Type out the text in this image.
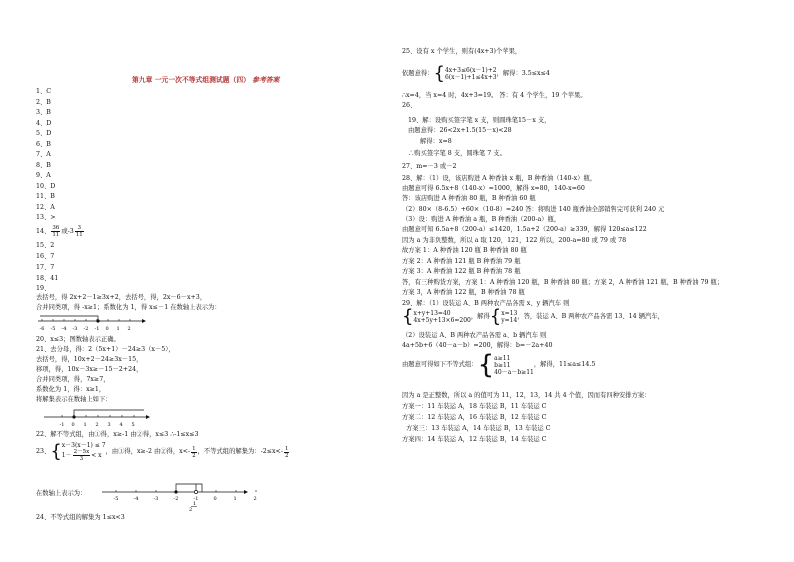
第九章 一元一次不等式组测试题（四） 参考答案
1、C
2、B
3、B
4、D
5、D
6、B
7、A
8、B
9、A
10、D
11、B
12、A
13、>
14、 $\frac{36}{11}$ 或$-3 \frac{3}{11}$
15、2
16、7
17、7
18、41
19、
去括号，得 2x+2－1≥3x+2，去括号，得，2x－6－x+3，
合并同类项，得 -x≥1；系数化为 1，得 x≤－1 在数轴上表示为：
-6 -5 -4 -3 -2 -1 0 1 2
20、x≤3；图数轴表示正确。
21、去分母，得：2（5x+1）－24≥3（x－5），
去括号，得，10x+2－24≥3x－15，
移项，得，10x－3x≥－15－2+24，
合并同类项，得，7x≥7，
系数化为 1，得：x≥1，
将解集表示在数轴上如下：
-1 0 1 2 3 4 5
22、解不等式组，由①得，x≥-1 由②得，x≤3 ∴-1≤x≤3
23、{ x－3(x－1) ≤ 7
$1- \frac{2-5x}{3} < x$
，由①得，x≥-2 由②得，$x<- \frac{1}{2}$ ，不等式组的解集为：$-2\le x<- \frac{1}{2}$
在数轴上表示为：
-5	-4	-3	-2	-1	0	1	2
1
2
24、不等式组的解集为 1≤x<3
25、设有 x 个学生，则有(4x+3)个苹果，
依题意得：{ 4x+3≤6(x－1)+2
6(x－1)+1≤4x+3
，解得：3.5≤x≤4
∴x=4，当 x=4 时，4x+3=19。 答：有 4 个学生，19 个苹果。
26、
19、解：设购买签字笔 x 支，则圆珠笔15－x 支，
由题意得：26<2x+1.5(15－x)<28
解得：x=8
∴购买签字笔 8 支，圆珠笔 7 支。
27、m=－3 或－2
28、解：（1）设，该店购进 A 种香油 x 瓶，B 种香油（140-x）瓶，
由题意可得 6.5x+8（140-x）=1000，解得 x=80，140-x=60
答：该店购进 A 种香油 80 瓶，B 种香油 60 瓶
（2）80×（8-6.5）+60×（10-8）=240 答：将购进 140 瓶香油全部销售完可获利 240 元
（3）设：购进 A 种香油 a 瓶，B 种香油（200-a）瓶，
由题意可知 6.5a+8（200-a）≤1420，1.5a+2（200-a）≥339，解得 120≤a≤122
因为 a 为非负整数，所以 a 取 120，121，122 所以，200-a=80 或 79 或 78
故方案 1：A 种香油 120 瓶 B 种香油 80 瓶
方案 2：A 种香油 121 瓶 B 种香油 79 瓶
方案 3：A 种香油 122 瓶 B 种香油 78 瓶
答，有三种购货方案，方案 1：A 种香油 120 瓶，B 种香油 80 瓶；方案 2，A 种香油 121 瓶，B 种香油 79 瓶；
方案 3，A 种香油 122 瓶，B 种香油 78 瓶
29、解：（1）设装运 A、B 两种农产品各需 x、y 辆汽车 则
{ x+y+13=40
4x+5y+13×6=200
，解得{ x=13
y=14
，答，装运 A、B 两种农产品各需 13、14 辆汽车，
（2）设装运 A、B 两种农产品各需 a、b 辆汽车 则
4a+5b+6（40－a－b）=200，解得：b=－2a+40
由题意可得如下不等式组：{ a≥11
b≥11
40－a－b≥11
，解得，11≤a≤14.5
因为 a 是正整数，所以 a 的值可为 11，12，13，14 共 4 个值，因而有四种安排方案：
方案一：11 车装运 A，18 车装运 B，11 车装运 C
方案二：12 车装运 A，16 车装运 B，12 车装运 C
方案三：13 车装运 A，14 车装运 B，13 车装运 C
方案四：14 车装运 A，12 车装运 B，14 车装运 C
